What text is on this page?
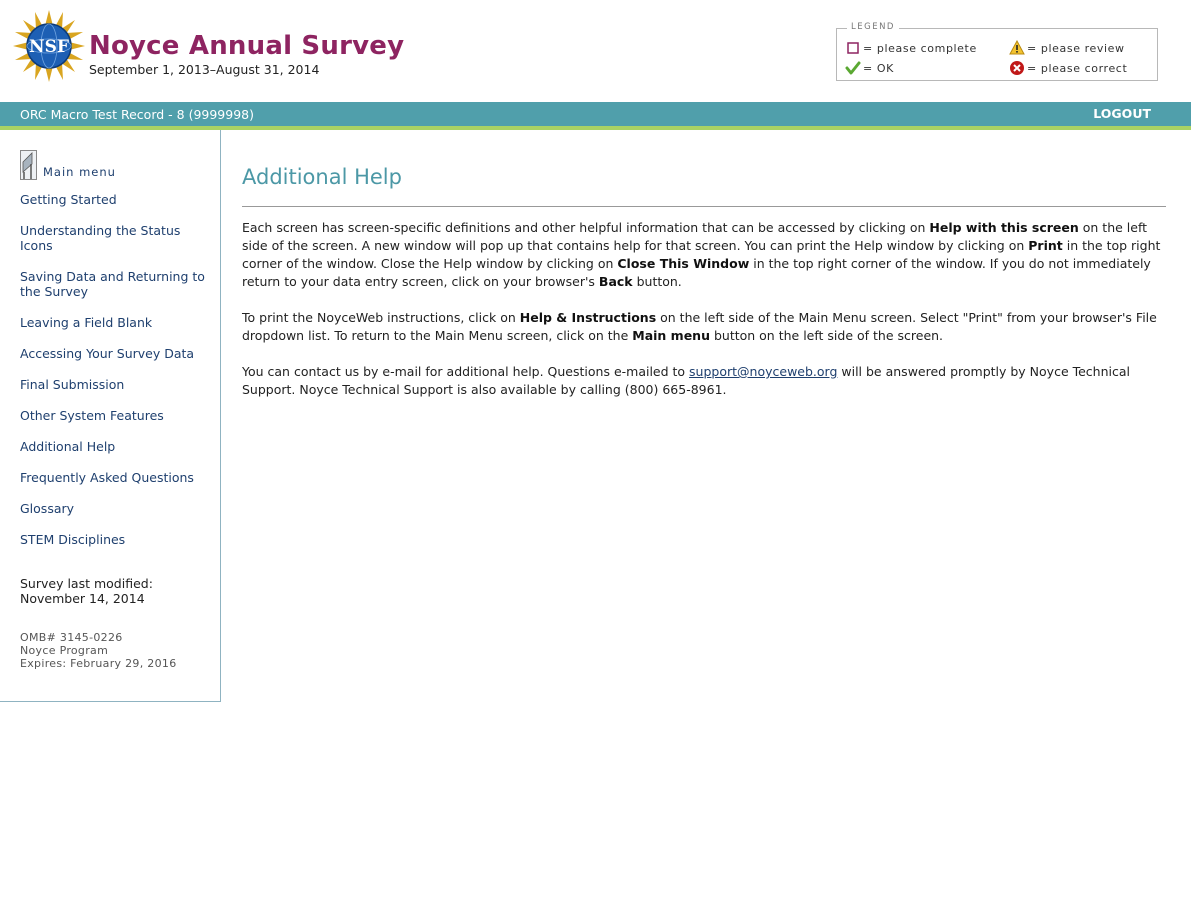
NSF Noyce Annual Survey
September 1, 2013–August 31, 2014
LEGEND
= please complete	= please review
= OK	= please correct
ORC Macro Test Record - 8 (9999998)	LOGOUT
Main menu
Getting Started
Understanding the Status Icons
Saving Data and Returning to the Survey
Leaving a Field Blank
Accessing Your Survey Data
Final Submission
Other System Features
Additional Help
Frequently Asked Questions
Glossary
STEM Disciplines
Survey last modified:
November 14, 2014
OMB# 3145-0226
Noyce Program
Expires: February 29, 2016
Additional Help

Each screen has screen-specific definitions and other helpful information that can be accessed by clicking on Help with this screen on the left side of the screen. A new window will pop up that contains help for that screen. You can print the Help window by clicking on Print in the top right corner of the window. Close the Help window by clicking on Close This Window in the top right corner of the window. If you do not immediately return to your data entry screen, click on your browser's Back button.

To print the NoyceWeb instructions, click on Help & Instructions on the left side of the Main Menu screen. Select "Print" from your browser's File dropdown list. To return to the Main Menu screen, click on the Main menu button on the left side of the screen.

You can contact us by e-mail for additional help. Questions e-mailed to support@noyceweb.org will be answered promptly by Noyce Technical Support. Noyce Technical Support is also available by calling (800) 665-8961.
